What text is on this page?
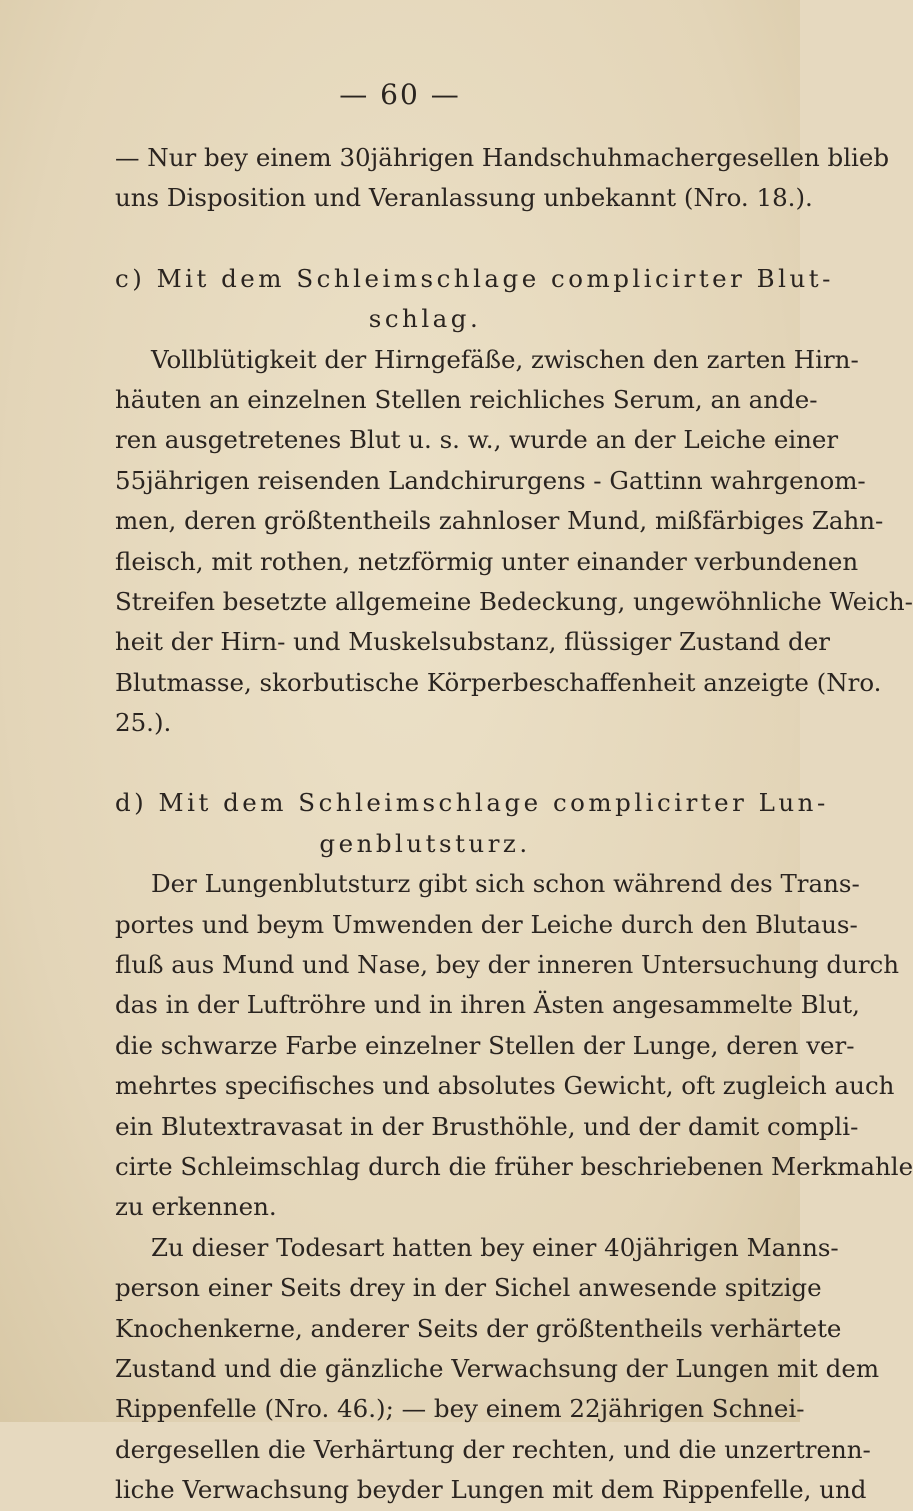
— 60 —
— Nur bey einem 30jährigen Handschuhmachergesellen blieb
uns Disposition und Veranlassung unbekannt (Nro. 18.).
c) Mit dem Schleimschlage complicirter Blut-
schlag.
Vollblütigkeit der Hirngefäße, zwischen den zarten Hirn-
häuten an einzelnen Stellen reichliches Serum, an ande-
ren ausgetretenes Blut u. s. w., wurde an der Leiche einer
55jährigen reisenden Landchirurgens - Gattinn wahrgenom-
men, deren größtentheils zahnloser Mund, mißfärbiges Zahn-
fleisch, mit rothen, netzförmig unter einander verbundenen
Streifen besetzte allgemeine Bedeckung, ungewöhnliche Weich-
heit der Hirn- und Muskelsubstanz, flüssiger Zustand der
Blutmasse, skorbutische Körperbeschaffenheit anzeigte (Nro.
25.).
d) Mit dem Schleimschlage complicirter Lun-
genblutsturz.
Der Lungenblutsturz gibt sich schon während des Trans-
portes und beym Umwenden der Leiche durch den Blutaus-
fluß aus Mund und Nase, bey der inneren Untersuchung durch
das in der Luftröhre und in ihren Ästen angesammelte Blut,
die schwarze Farbe einzelner Stellen der Lunge, deren ver-
mehrtes specifisches und absolutes Gewicht, oft zugleich auch
ein Blutextravasat in der Brusthöhle, und der damit compli-
cirte Schleimschlag durch die früher beschriebenen Merkmahle
zu erkennen.
Zu dieser Todesart hatten bey einer 40jährigen Manns-
person einer Seits drey in der Sichel anwesende spitzige
Knochenkerne, anderer Seits der größtentheils verhärtete
Zustand und die gänzliche Verwachsung der Lungen mit dem
Rippenfelle (Nro. 46.); — bey einem 22jährigen Schnei-
dergesellen die Verhärtung der rechten, und die unzertrenn-
liche Verwachsung beyder Lungen mit dem Rippenfelle, und
